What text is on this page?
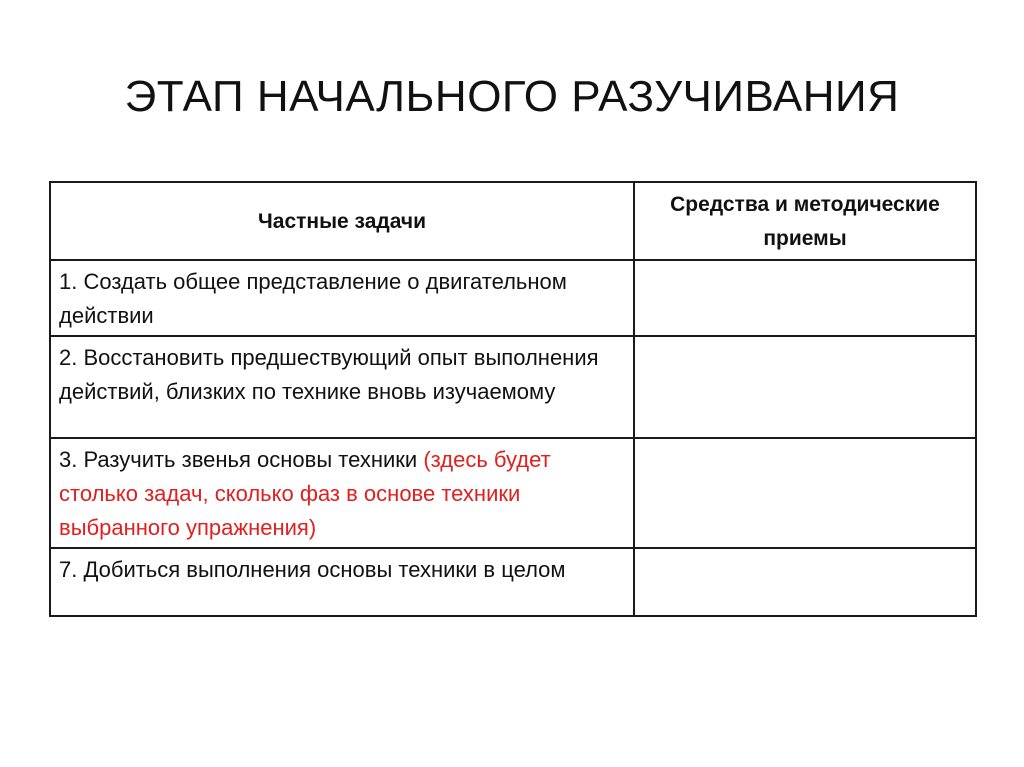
ЭТАП НАЧАЛЬНОГО РАЗУЧИВАНИЯ
Частные задачи	Средства и методические приемы
1. Создать общее представление о двигательном действии	
2. Восстановить предшествующий опыт выполнения действий, близких по технике вновь изучаемому	
3. Разучить звенья основы техники (здесь будет столько задач, сколько фаз в основе техники выбранного упражнения)	
7. Добиться выполнения основы техники в целом	
